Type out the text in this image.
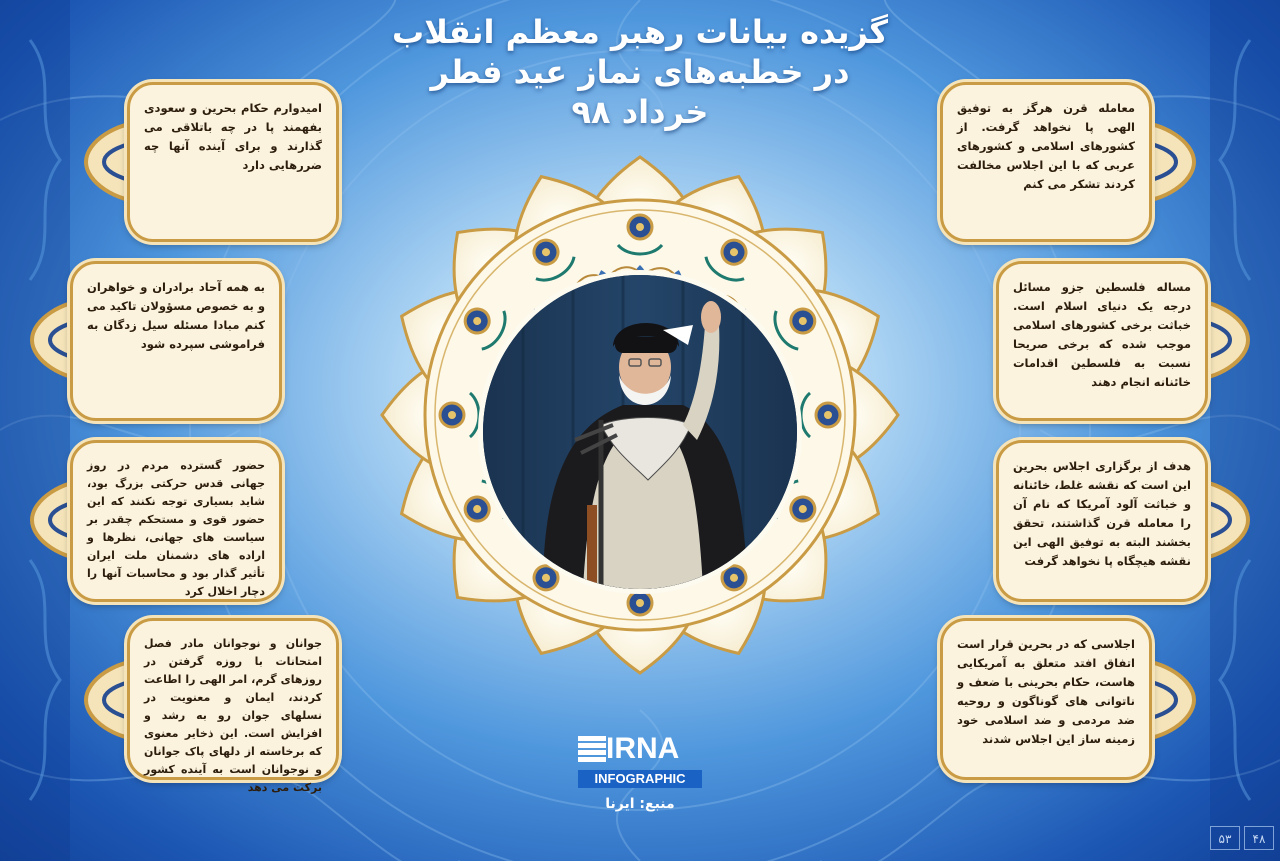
گزیده بیانات رهبر معظم انقلاب
در خطبه‌های نماز عید فطر
خرداد ۹۸
امیدوارم حکام بحرین و سعودی بفهمند پا در چه باتلاقی می گذارند و برای آینده آنها چه ضررهایی دارد
به همه آحاد برادران و خواهران و به خصوص مسؤولان تاکید می کنم مبادا مسئله سیل زدگان به فراموشی سپرده شود
حضور گسترده مردم در روز جهانی قدس حرکتی بزرگ بود، شاید بسیاری توجه نکنند که این حضور قوی و مستحکم چقدر بر سیاست های جهانی، نظرها و اراده های دشمنان ملت ایران تأثیر گذار بود و محاسبات آنها را دچار اخلال کرد
جوانان و نوجوانان مادر فصل امتحانات با روزه گرفتن در روزهای گرم، امر الهی را اطاعت کردند، ایمان و معنویت در نسلهای جوان رو به رشد و افزایش است. این ذخایر معنوی که برخاسته از دلهای پاک جوانان و نوجوانان است به آینده کشور برکت می دهد
معامله قرن هرگز به توفیق الهی پا نخواهد گرفت. از کشورهای اسلامی و کشورهای عربی که با این اجلاس مخالفت کردند تشکر می کنم
مساله فلسطین جزو مسائل درجه یک دنیای اسلام است. خباثت برخی کشورهای اسلامی موجب شده که برخی صریحا نسبت به فلسطین اقدامات خائنانه انجام دهند
هدف از برگزاری اجلاس بحرین این است که نقشه غلط، خائنانه و خباثت آلود آمریکا که نام آن را معامله قرن گذاشتند، تحقق بخشند البته به توفیق الهی این نقشه هیچگاه پا نخواهد گرفت
اجلاسی که در بحرین قرار است اتفاق افتد متعلق به آمریکایی هاست، حکام بحرینی با ضعف و ناتوانی های گوناگون و روحیه ضد مردمی و ضد اسلامی خود زمینه ساز این اجلاس شدند
IRNA
INFOGRAPHIC
منبع: ایرنا
۴۸
۵۳
